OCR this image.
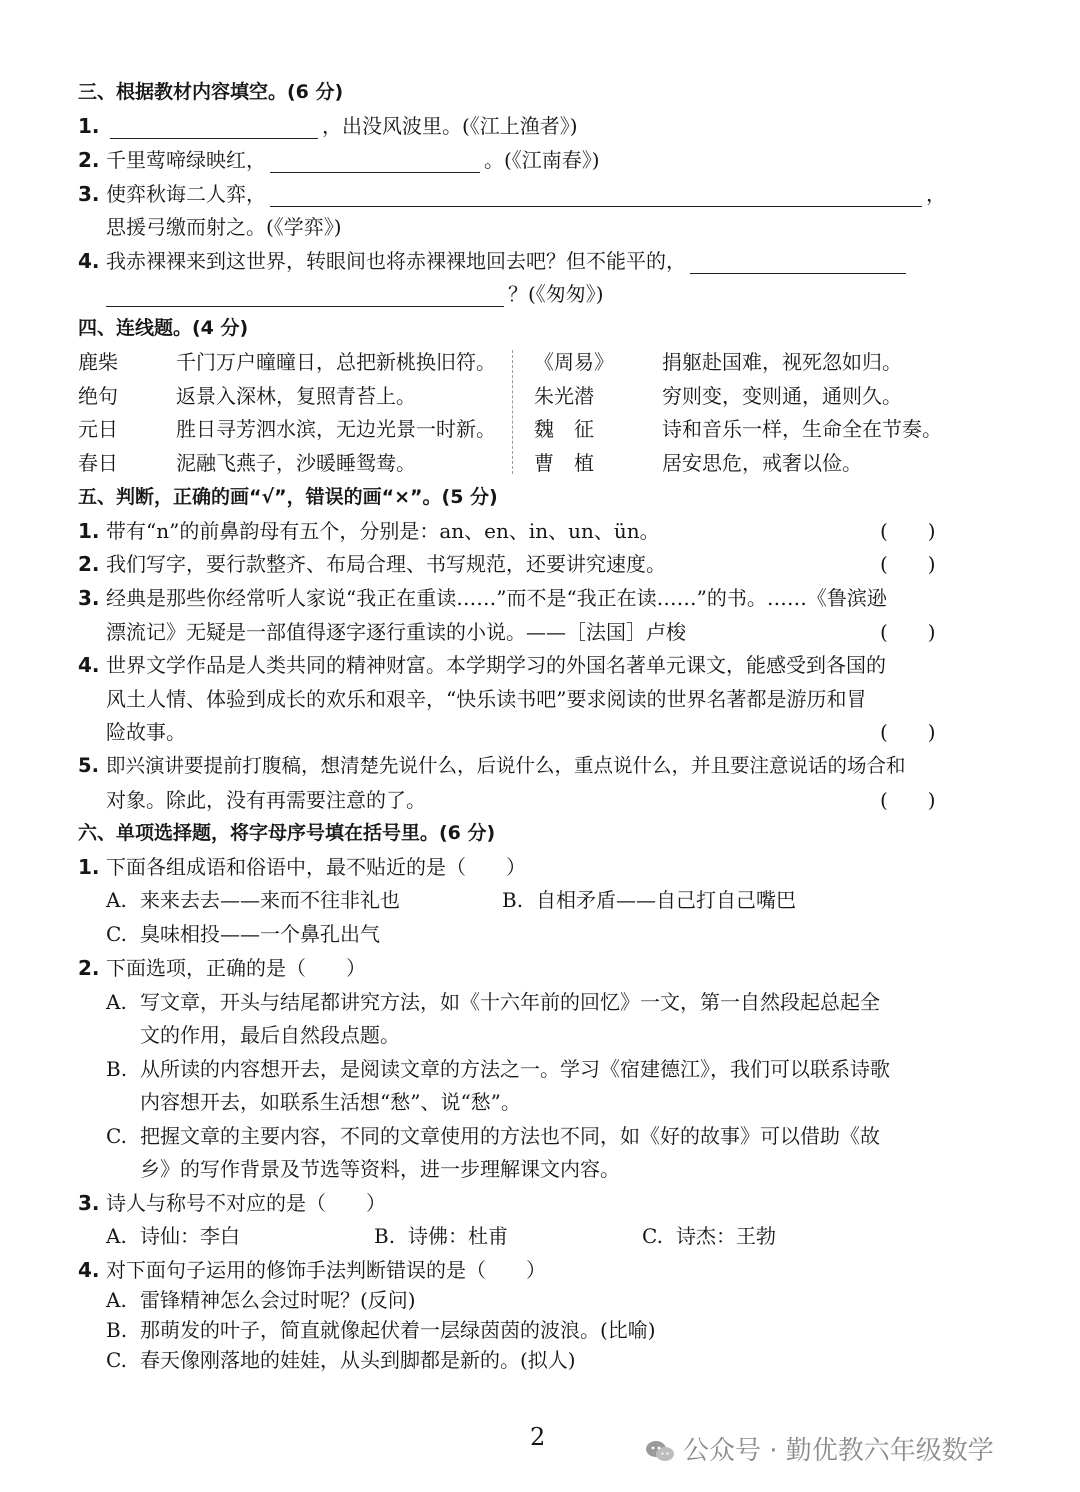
三、根据教材内容填空。(6 分)
1.	，出没风波里。(《江上渔者》)
2. 千里莺啼绿映红，	。(《江南春》)
3. 使弈秋诲二人弈，	，
思援弓缴而射之。(《学弈》)
4. 我赤裸裸来到这世界，转眼间也将赤裸裸地回去吧？但不能平的，
？(《匆匆》)
四、连线题。(4 分)
鹿柴	千门万户曈曈日，总把新桃换旧符。 《周易》 捐躯赴国难，视死忽如归。
绝句	返景入深林，复照青苔上。	朱光潜	穷则变，变则通，通则久。
元日	胜日寻芳泗水滨，无边光景一时新。 魏　征	诗和音乐一样，生命全在节奏。
春日	泥融飞燕子，沙暖睡鸳鸯。	曹　植	居安思危，戒奢以俭。
五、判断，正确的画“√”，错误的画“×”。(5 分)
1. 带有“n”的前鼻韵母有五个，分别是：an、en、in、un、ün。	(　　)
2. 我们写字，要行款整齐、布局合理、书写规范，还要讲究速度。	(　　)
3. 经典是那些你经常听人家说“我正在重读……”而不是“我正在读……”的书。……《鲁滨逊
漂流记》无疑是一部值得逐字逐行重读的小说。——［法国］卢梭	(　　)
4. 世界文学作品是人类共同的精神财富。本学期学习的外国名著单元课文，能感受到各国的
风土人情、体验到成长的欢乐和艰辛，“快乐读书吧”要求阅读的世界名著都是游历和冒
险故事。	(　　)
5. 即兴演讲要提前打腹稿，想清楚先说什么，后说什么，重点说什么，并且要注意说话的场合和
对象。除此，没有再需要注意的了。	(　　)
六、单项选择题，将字母序号填在括号里。(6 分)
1. 下面各组成语和俗语中，最不贴近的是（　　）
A. 来来去去——来而不往非礼也	B. 自相矛盾——自己打自己嘴巴
C. 臭味相投——一个鼻孔出气
2. 下面选项，正确的是（　　）
A. 写文章，开头与结尾都讲究方法，如《十六年前的回忆》一文，第一自然段起总起全
文的作用，最后自然段点题。
B. 从所读的内容想开去，是阅读文章的方法之一。学习《宿建德江》，我们可以联系诗歌
内容想开去，如联系生活想“愁”、说“愁”。
C. 把握文章的主要内容，不同的文章使用的方法也不同，如《好的故事》可以借助《故
乡》的写作背景及节选等资料，进一步理解课文内容。
3. 诗人与称号不对应的是（　　）
A. 诗仙：李白	B. 诗佛：杜甫	C. 诗杰：王勃
4. 对下面句子运用的修饰手法判断错误的是（　　）
A. 雷锋精神怎么会过时呢？(反问)
B. 那萌发的叶子，简直就像起伏着一层绿茵茵的波浪。(比喻)
C. 春天像刚落地的娃娃，从头到脚都是新的。(拟人)
2	公众号 · 勤优教六年级数学
